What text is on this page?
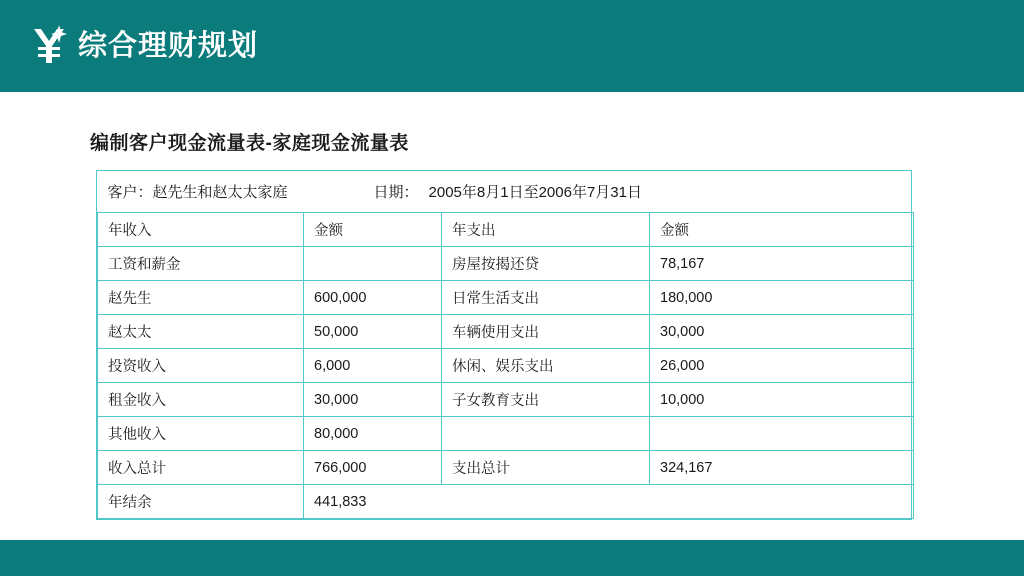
综合理财规划
编制客户现金流量表-家庭现金流量表
客户：赵先生和赵太太家庭 日期： 2005年8月1日至2006年7月31日			

年收入	金额	年支出	金额
工资和薪金		房屋按揭还贷	78,167
赵先生	600,000	日常生活支出	180,000
赵太太	50,000	车辆使用支出	30,000
投资收入	6,000	休闲、娱乐支出	26,000
租金收入	30,000	子女教育支出	10,000
其他收入	80,000		
收入总计	766,000	支出总计	324,167
年结余	441,833		
